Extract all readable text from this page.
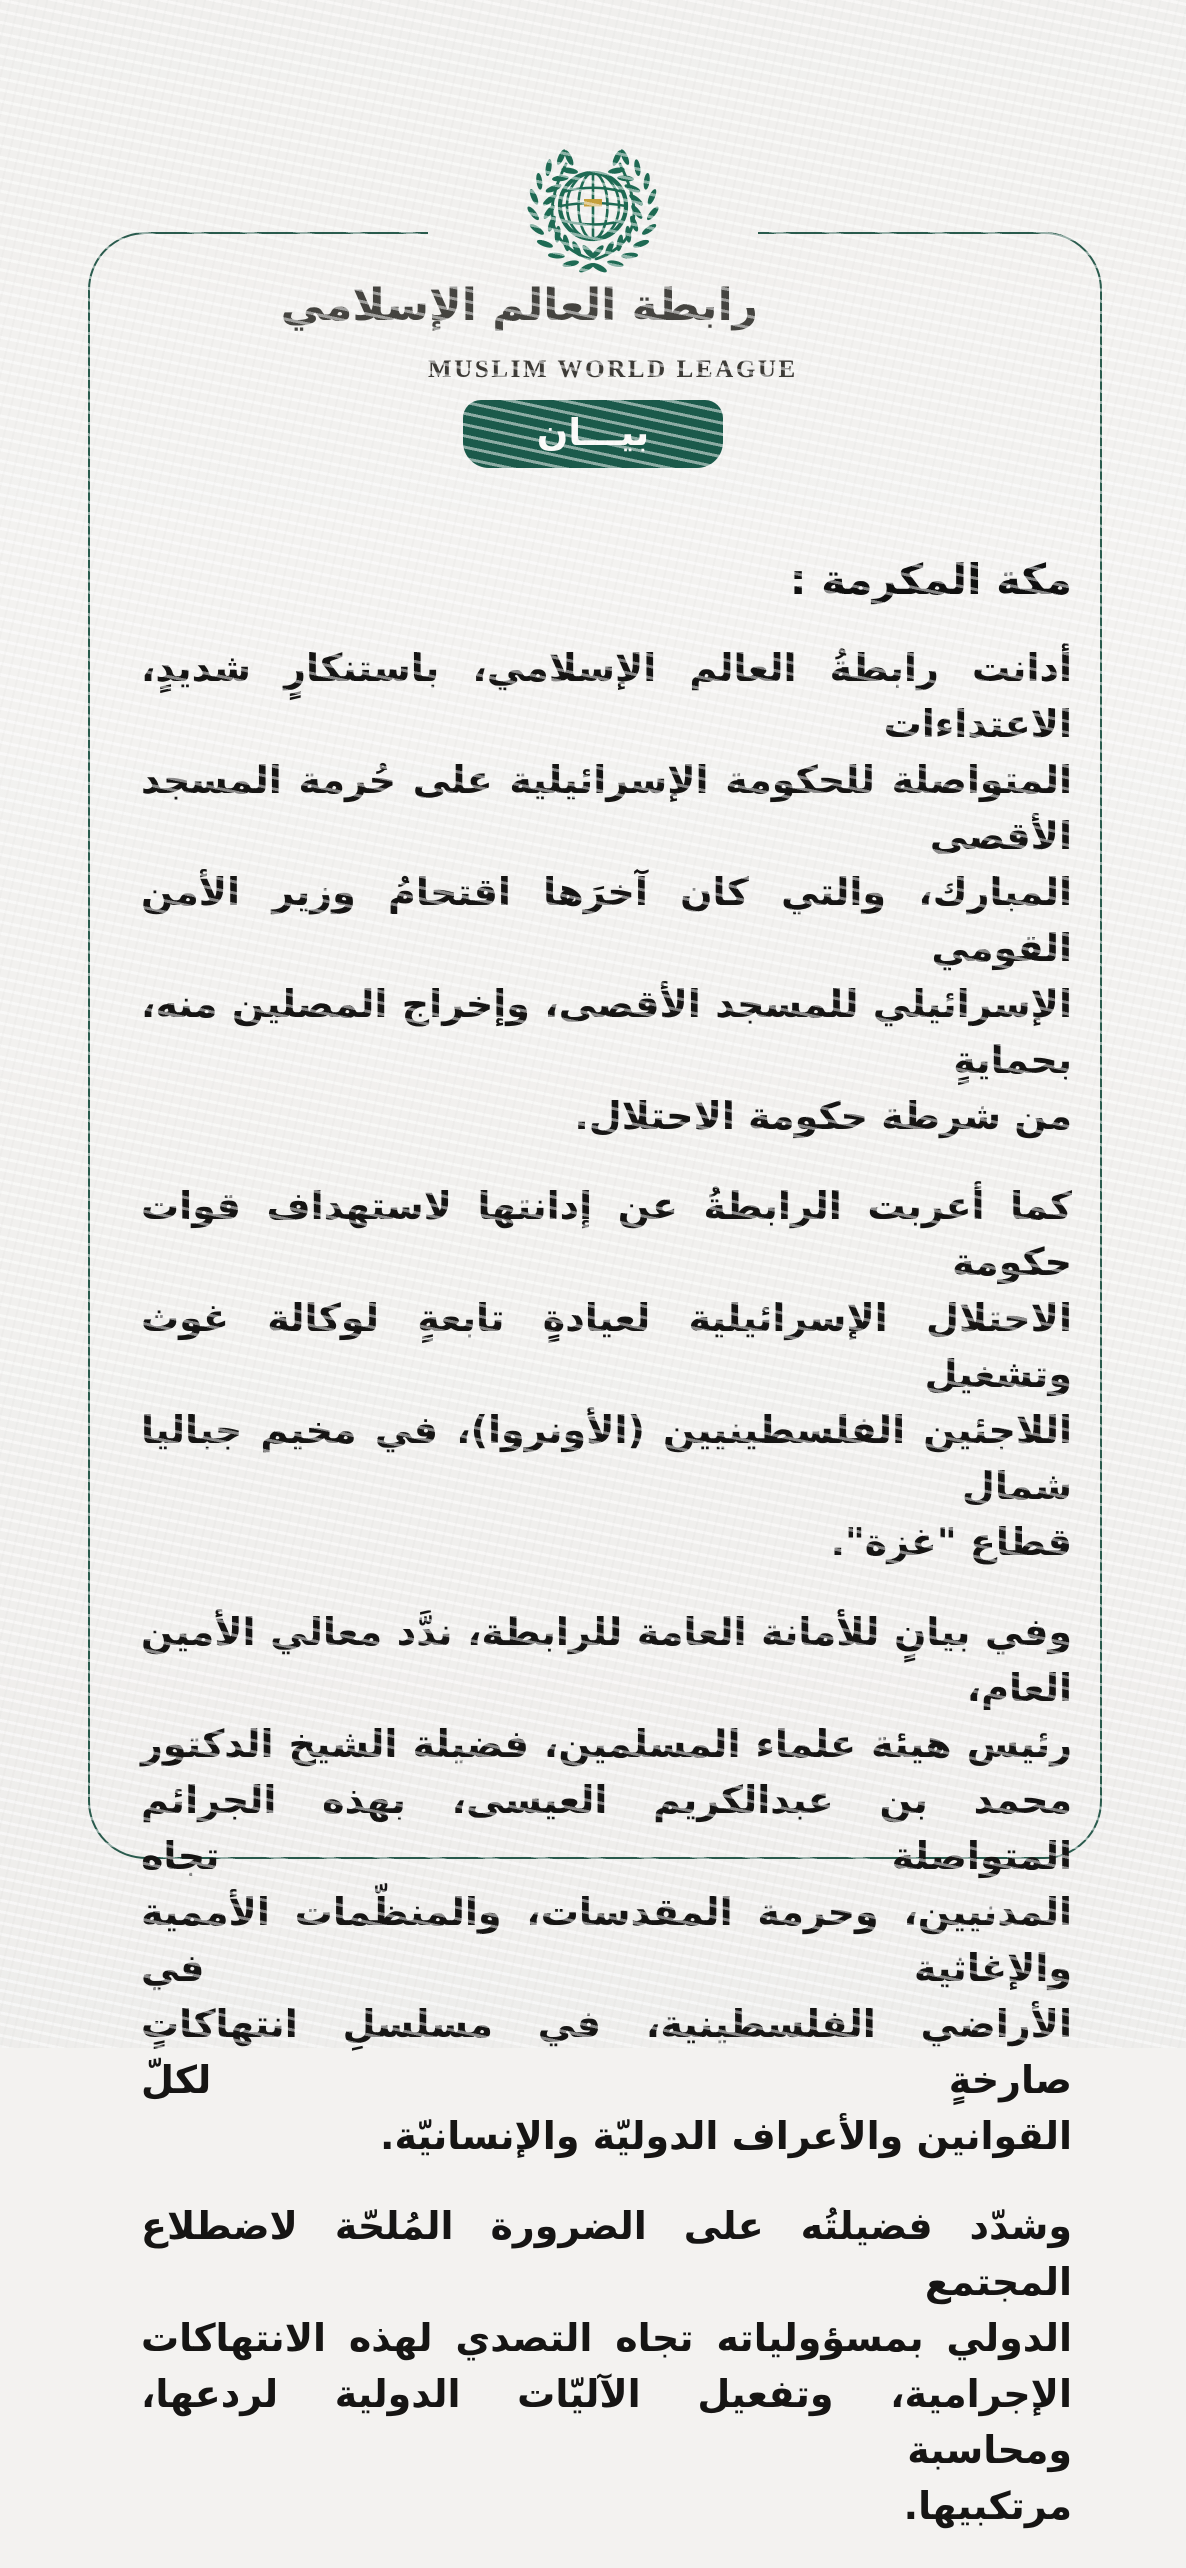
رابطة العالم الإسلامي
MUSLIM WORLD LEAGUE
بيـــان
مكة المكرمة :

أدانت رابطةُ العالم الإسلامي، باستنكارٍ شديدٍ، الاعتداءات
المتواصلة للحكومة الإسرائيلية على حُرمة المسجد الأقصى
المبارك، والتي كان آخرَها اقتحامُ وزير الأمن القومي
الإسرائيلي للمسجد الأقصى، وإخراج المصلين منه، بحمايةٍ
من شرطة حكومة الاحتلال.

كما أعربت الرابطةُ عن إدانتها لاستهداف قوات حكومة
الاحتلال الإسرائيلية لعيادةٍ تابعةٍ لوكالة غوث وتشغيل
اللاجئين الفلسطينيين (الأونروا)، في مخيم جباليا شمال
قطاع "غزة".

وفي بيانٍ للأمانة العامة للرابطة، ندَّد معالي الأمين العام،
رئيس هيئة علماء المسلمين، فضيلة الشيخ الدكتور
محمد بن عبدالكريم العيسى، بهذه الجرائم المتواصلة تجاه
المدنيين، وحرمة المقدسات، والمنظّمات الأممية والإغاثية في
الأراضي الفلسطينية، في مسلسلِ انتهاكاتٍ صارخةٍ لكلّ
القوانين والأعراف الدوليّة والإنسانيّة.

وشدّد فضيلتُه على الضرورة المُلحّة لاضطلاع المجتمع
الدولي بمسؤولياته تجاه التصدي لهذه الانتهاكات
الإجرامية، وتفعيل الآليّات الدولية لردعها، ومحاسبة
مرتكبيها.
